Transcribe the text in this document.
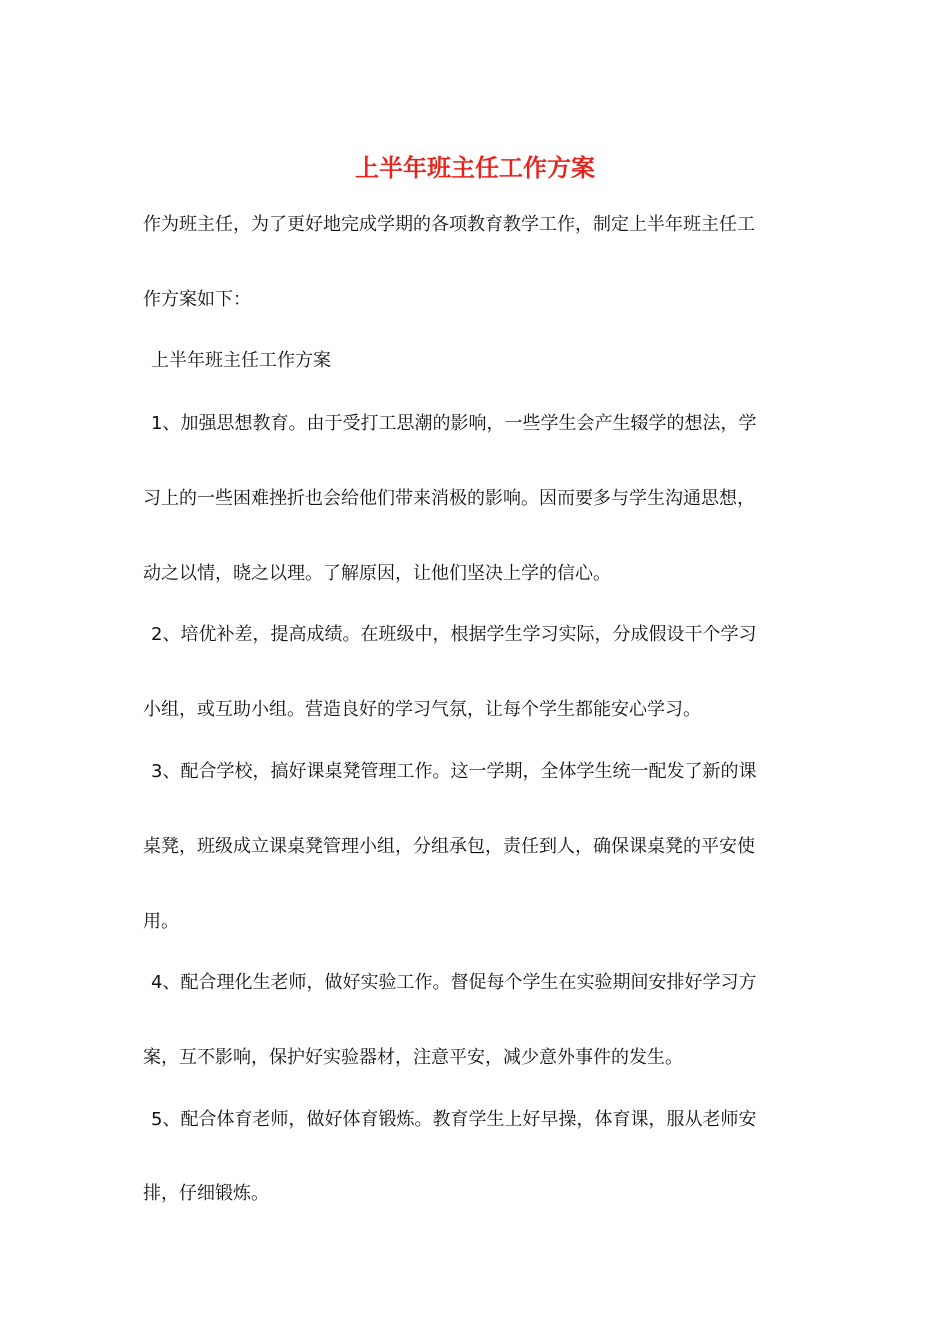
上半年班主任工作方案

作为班主任，为了更好地完成学期的各项教育教学工作，制定上半年班主任工

作方案如下：

上半年班主任工作方案

1、加强思想教育。由于受打工思潮的影响，一些学生会产生辍学的想法，学

习上的一些困难挫折也会给他们带来消极的影响。因而要多与学生沟通思想，

动之以情，晓之以理。了解原因，让他们坚决上学的信心。

2、培优补差，提高成绩。在班级中，根据学生学习实际，分成假设干个学习

小组，或互助小组。营造良好的学习气氛，让每个学生都能安心学习。

3、配合学校，搞好课桌凳管理工作。这一学期，全体学生统一配发了新的课

桌凳，班级成立课桌凳管理小组，分组承包，责任到人，确保课桌凳的平安使

用。

4、配合理化生老师，做好实验工作。督促每个学生在实验期间安排好学习方

案，互不影响，保护好实验器材，注意平安，减少意外事件的发生。

5、配合体育老师，做好体育锻炼。教育学生上好早操，体育课，服从老师安

排，仔细锻炼。
